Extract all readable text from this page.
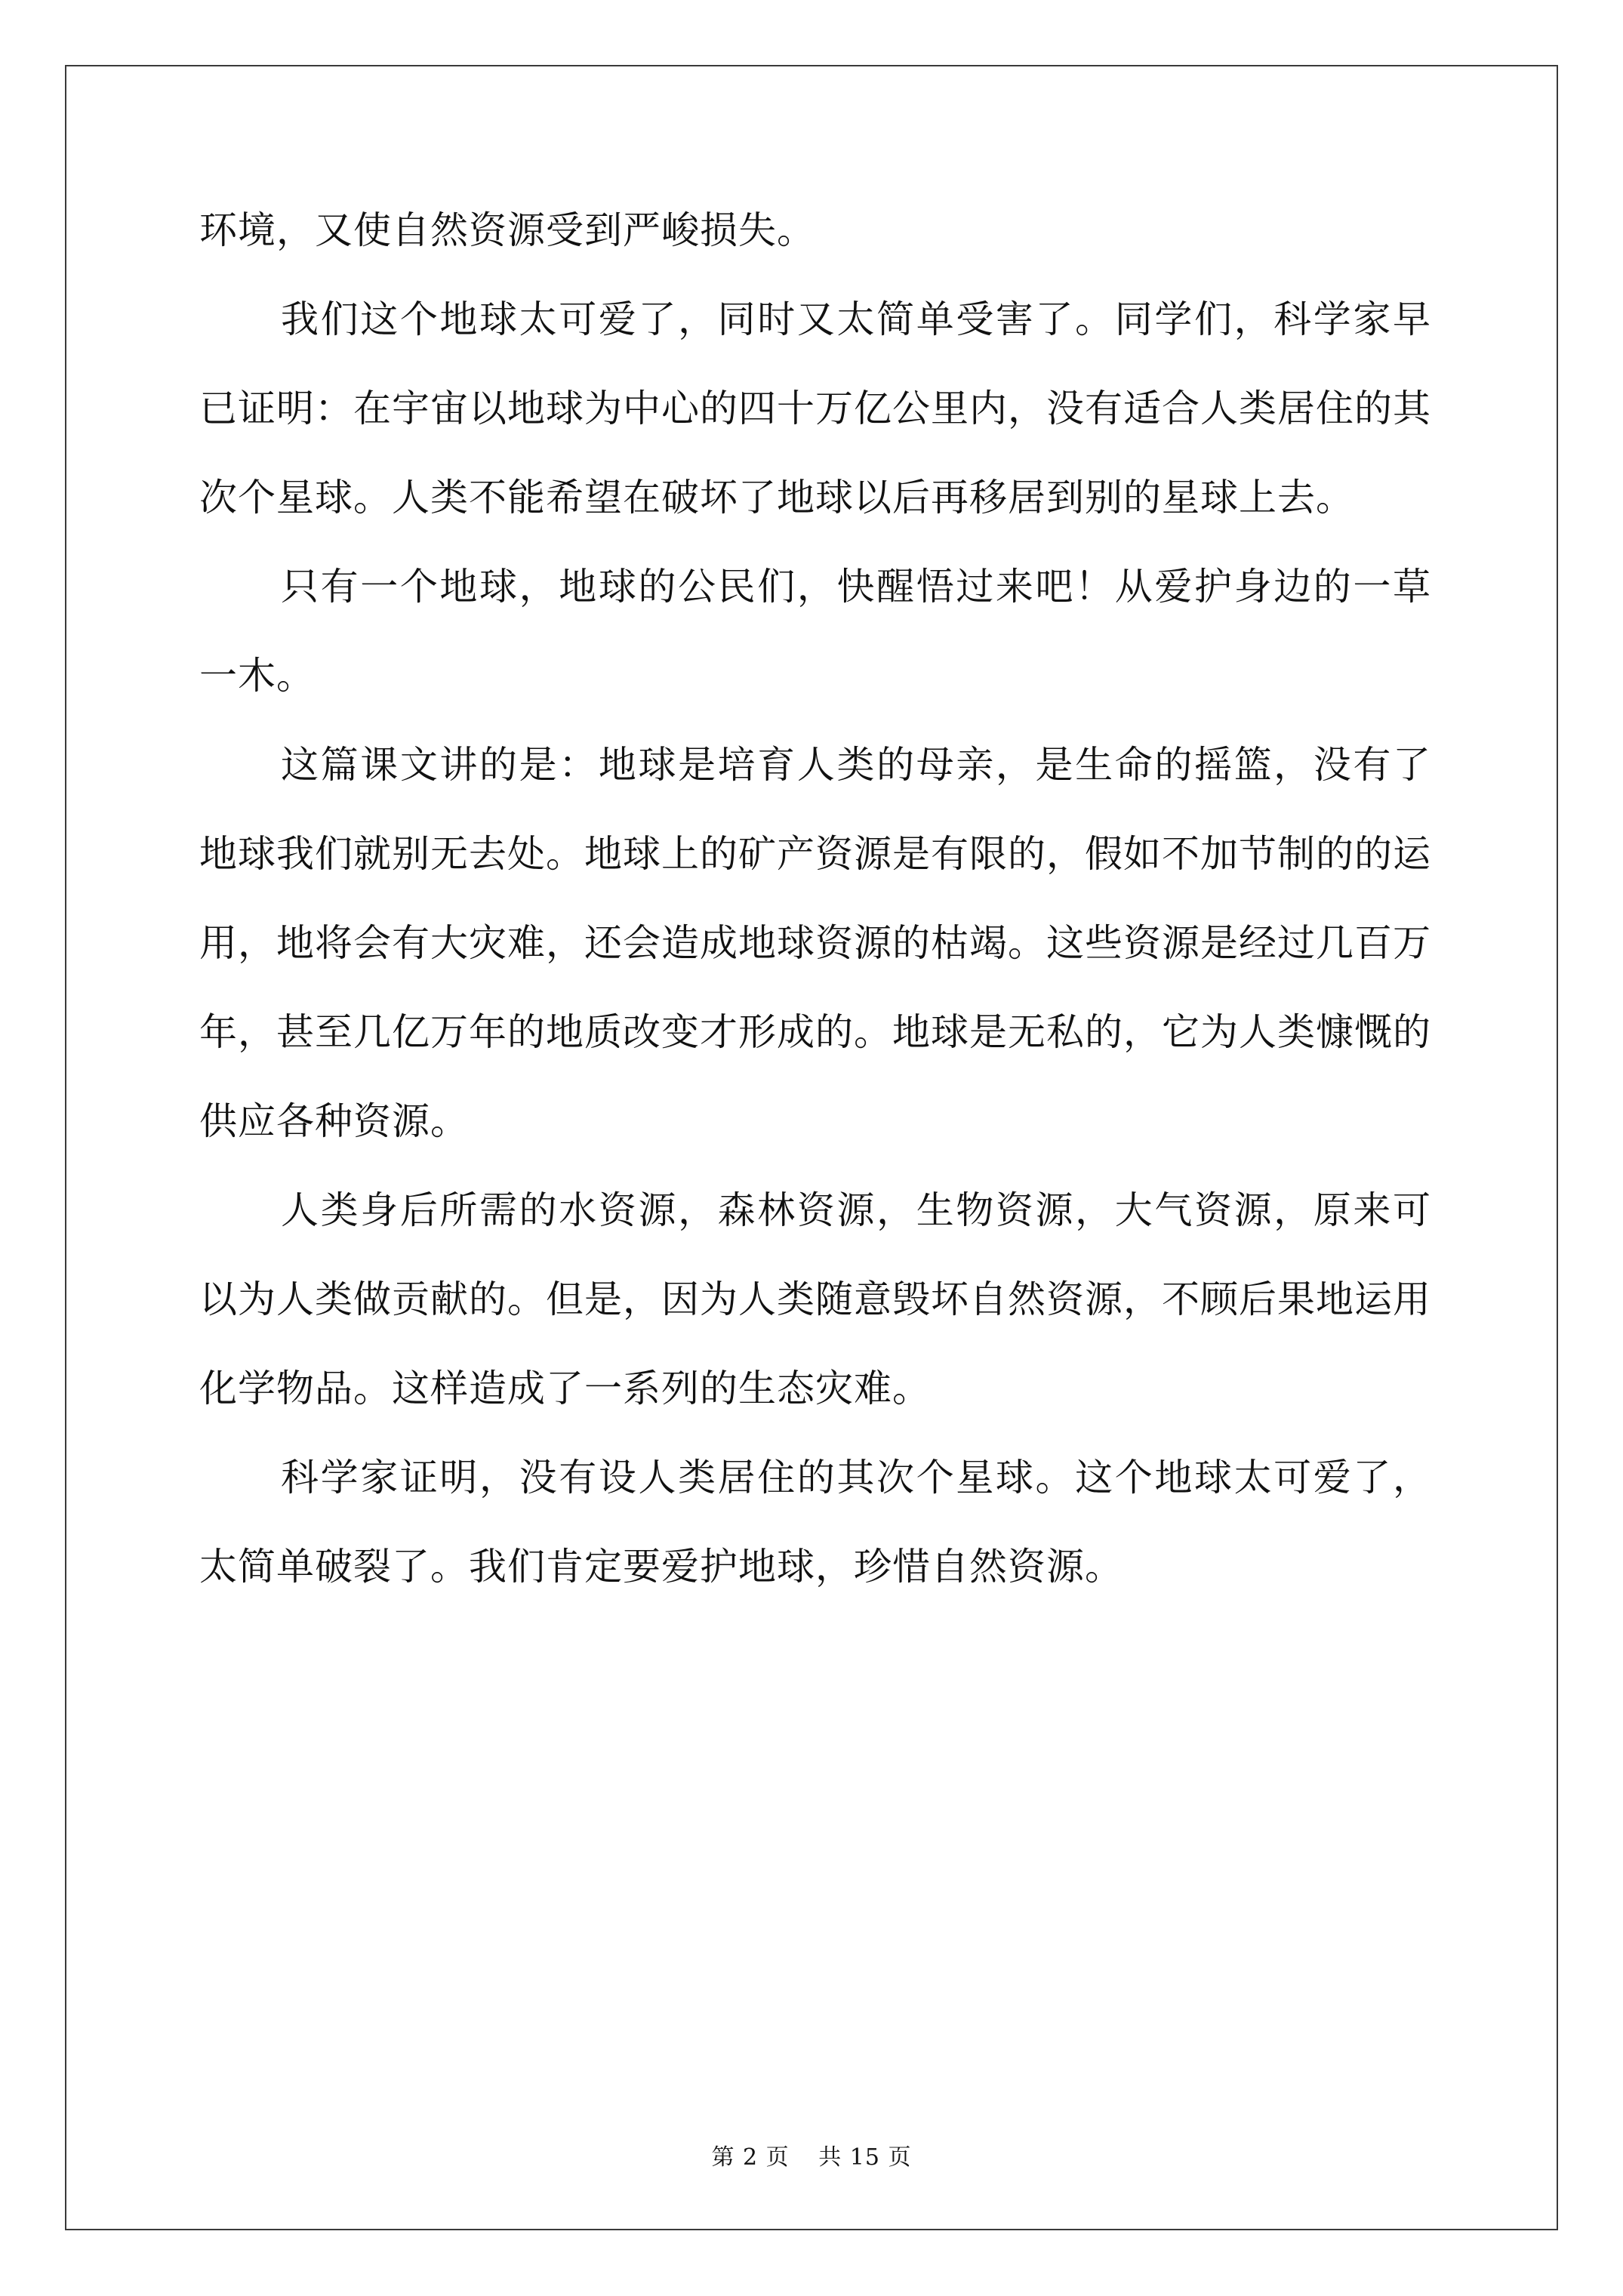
环境，又使自然资源受到严峻损失。

我们这个地球太可爱了，同时又太简单受害了。同学们，科学家早已证明：在宇宙以地球为中心的四十万亿公里内，没有适合人类居住的其次个星球。人类不能希望在破坏了地球以后再移居到别的星球上去。

只有一个地球，地球的公民们，快醒悟过来吧！从爱护身边的一草一木。

这篇课文讲的是：地球是培育人类的母亲，是生命的摇篮，没有了地球我们就别无去处。地球上的矿产资源是有限的，假如不加节制的的运用，地将会有大灾难，还会造成地球资源的枯竭。这些资源是经过几百万年，甚至几亿万年的地质改变才形成的。地球是无私的，它为人类慷慨的供应各种资源。

人类身后所需的水资源，森林资源，生物资源，大气资源，原来可以为人类做贡献的。但是，因为人类随意毁坏自然资源，不顾后果地运用化学物品。这样造成了一系列的生态灾难。

科学家证明，没有设人类居住的其次个星球。这个地球太可爱了，太简单破裂了。我们肯定要爱护地球，珍惜自然资源。

第 2 页 共 15 页
